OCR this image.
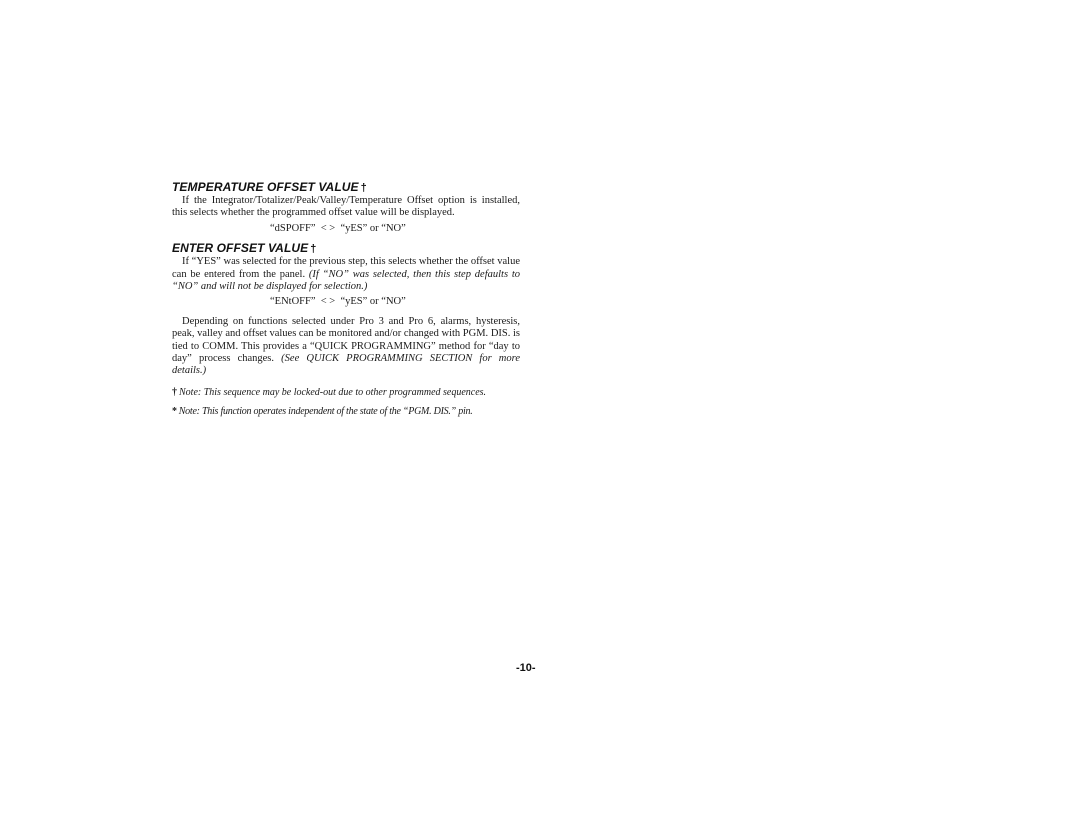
TEMPERATURE OFFSET VALUE †

If the Integrator/Totalizer/Peak/Valley/Temperature Offset option is installed, this selects whether the programmed offset value will be displayed.

“dSPOFF” < > “yES” or “NO”

ENTER OFFSET VALUE †

If “YES” was selected for the previous step, this selects whether the offset value can be entered from the panel. (If “NO” was selected, then this step defaults to “NO” and will not be displayed for selection.)

“ENtOFF” < > “yES” or “NO”

Depending on functions selected under Pro 3 and Pro 6, alarms, hysteresis, peak, valley and offset values can be monitored and/or changed with PGM. DIS. is tied to COMM. This provides a “QUICK PROGRAMMING” method for “day to day” process changes. (See QUICK PROGRAMMING SECTION for more details.)

† Note: This sequence may be locked-out due to other programmed sequences.

* Note: This function operates independent of the state of the “PGM. DIS.” pin.

-10-
